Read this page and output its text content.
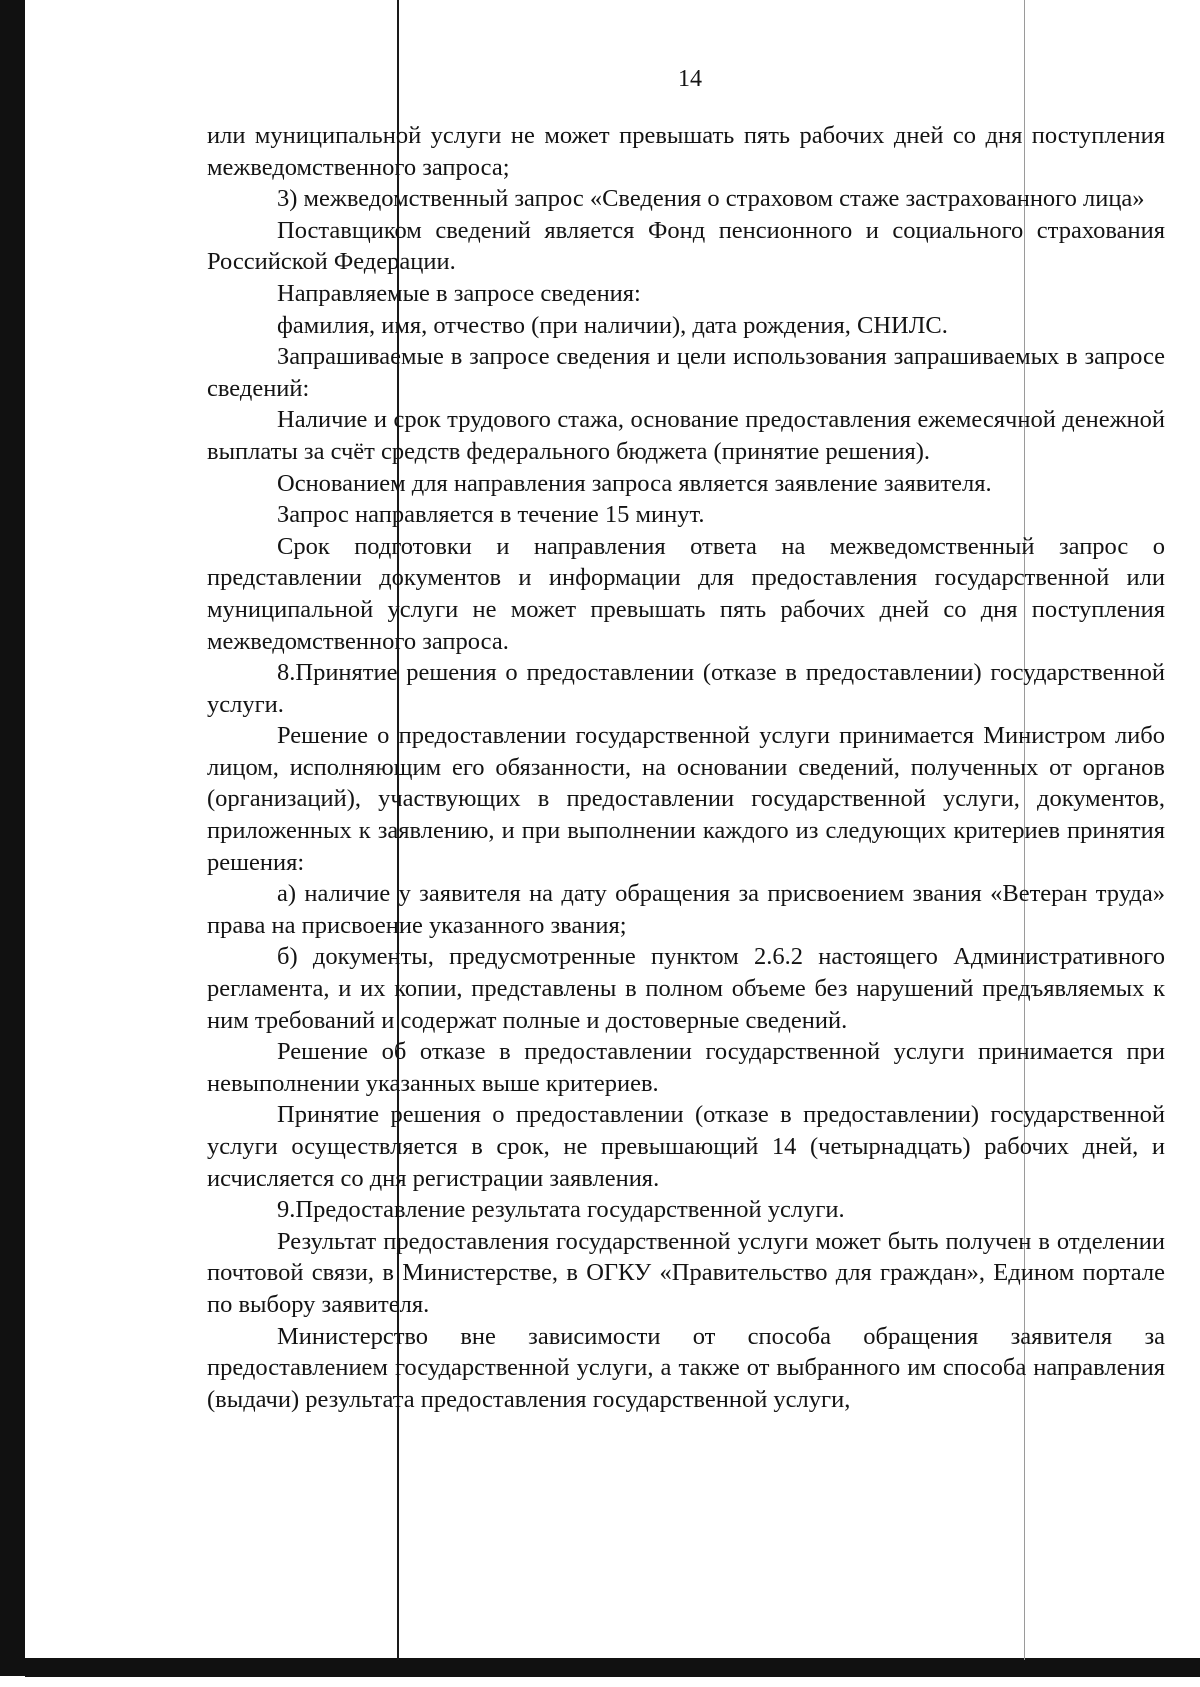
14

или муниципальной услуги не может превышать пять рабочих дней со дня поступления межведомственного запроса;

3) межведомственный запрос «Сведения о страховом стаже застрахованного лица»

Поставщиком сведений является Фонд пенсионного и социального страхования Российской Федерации.

Направляемые в запросе сведения:

фамилия, имя, отчество (при наличии), дата рождения, СНИЛС.

Запрашиваемые в запросе сведения и цели использования запрашиваемых в запросе сведений:

Наличие и срок трудового стажа, основание предоставления ежемесячной денежной выплаты за счёт средств федерального бюджета (принятие решения).

Основанием для направления запроса является заявление заявителя.

Запрос направляется в течение 15 минут.

Срок подготовки и направления ответа на межведомственный запрос о представлении документов и информации для предоставления государственной или муниципальной услуги не может превышать пять рабочих дней со дня поступления межведомственного запроса.

8.Принятие решения о предоставлении (отказе в предоставлении) государственной услуги.

Решение о предоставлении государственной услуги принимается Министром либо лицом, исполняющим его обязанности, на основании сведений, полученных от органов (организаций), участвующих в предоставлении государственной услуги, документов, приложенных к заявлению, и при выполнении каждого из следующих критериев принятия решения:

а) наличие у заявителя на дату обращения за присвоением звания «Ветеран труда» права на присвоение указанного звания;

б) документы, предусмотренные пунктом 2.6.2 настоящего Административного регламента, и их копии, представлены в полном объеме без нарушений предъявляемых к ним требований и содержат полные и достоверные сведений.

Решение об отказе в предоставлении государственной услуги принимается при невыполнении указанных выше критериев.

Принятие решения о предоставлении (отказе в предоставлении) государственной услуги осуществляется в срок, не превышающий 14 (четырнадцать) рабочих дней, и исчисляется со дня регистрации заявления.

9.Предоставление результата государственной услуги.

Результат предоставления государственной услуги может быть получен в отделении почтовой связи, в Министерстве, в ОГКУ «Правительство для граждан», Едином портале по выбору заявителя.

Министерство вне зависимости от способа обращения заявителя за предоставлением государственной услуги, а также от выбранного им способа направления (выдачи) результата предоставления государственной услуги,
